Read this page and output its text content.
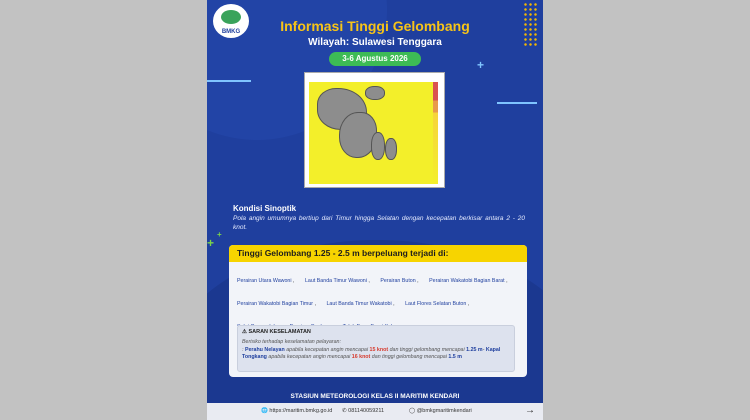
BMKG	Informasi Tinggi Gelombang
Wilayah: Sulawesi Tenggara
3-6 Agustus 2026	+
+
+
Kondisi Sinoptik
Pola angin umumnya bertiup dari Timur hingga Selatan dengan kecepatan berkisar antara 2 - 20 knot.
Tinggi Gelombang 1.25 - 2.5 m berpeluang terjadi di:
Perairan Utara Wawoni , Laut Banda Timur Wawoni , Perairan Buton , Perairan Wakatobi Bagian Barat , Perairan Wakatobi Bagian Timur , Laut Banda Timur Wakatobi , Laut Flores Selatan Buton ,
⚠ SARAN KESELAMATAN
Berisiko terhadap keselamatan pelayaran:
: Perahu Nelayan apabila kecepatan angin mencapai 15 knot dan tinggi gelombang mencapai 1.25 m- Kapal Tongkang apabila kecepatan angin mencapai 16 knot dan tinggi gelombang mencapai 1.5 m
STASIUN METEOROLOGI KELAS II MARITIM KENDARI
🌐 https://maritim.bmkg.go.id ✆ 081140059211	◯ @bmkgmaritimkendari	→
